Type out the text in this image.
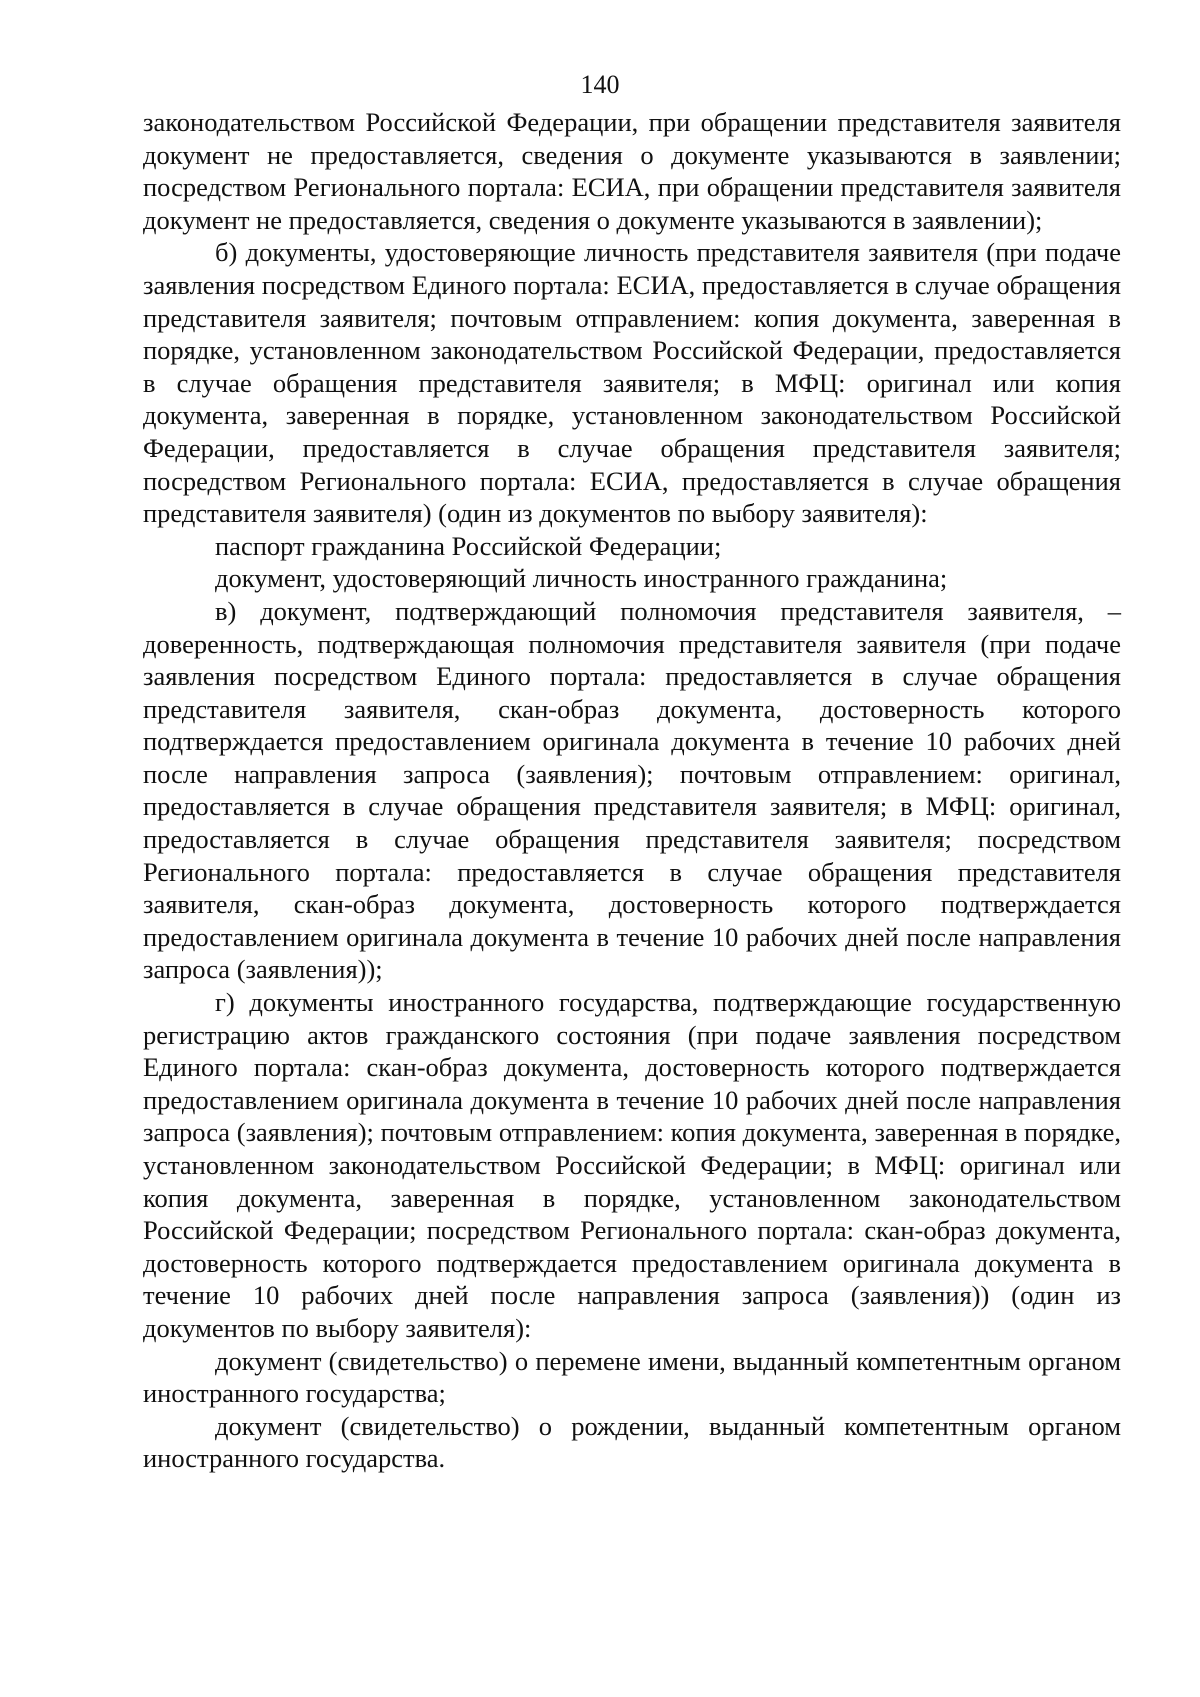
140

законодательством Российской Федерации, при обращении представителя заявителя документ не предоставляется, сведения о документе указываются в заявлении; посредством Регионального портала: ЕСИА, при обращении представителя заявителя документ не предоставляется, сведения о документе указываются в заявлении);

б) документы, удостоверяющие личность представителя заявителя (при подаче заявления посредством Единого портала: ЕСИА, предоставляется в случае обращения представителя заявителя; почтовым отправлением: копия документа, заверенная в порядке, установленном законодательством Российской Федерации, предоставляется в случае обращения представителя заявителя; в МФЦ: оригинал или копия документа, заверенная в порядке, установленном законодательством Российской Федерации, предоставляется в случае обращения представителя заявителя; посредством Регионального портала: ЕСИА, предоставляется в случае обращения представителя заявителя) (один из документов по выбору заявителя):

паспорт гражданина Российской Федерации;

документ, удостоверяющий личность иностранного гражданина;

в) документ, подтверждающий полномочия представителя заявителя, – доверенность, подтверждающая полномочия представителя заявителя (при подаче заявления посредством Единого портала: предоставляется в случае обращения представителя заявителя, скан-образ документа, достоверность которого подтверждается предоставлением оригинала документа в течение 10 рабочих дней после направления запроса (заявления); почтовым отправлением: оригинал, предоставляется в случае обращения представителя заявителя; в МФЦ: оригинал, предоставляется в случае обращения представителя заявителя; посредством Регионального портала: предоставляется в случае обращения представителя заявителя, скан-образ документа, достоверность которого подтверждается предоставлением оригинала документа в течение 10 рабочих дней после направления запроса (заявления));

г) документы иностранного государства, подтверждающие государственную регистрацию актов гражданского состояния (при подаче заявления посредством Единого портала: скан-образ документа, достоверность которого подтверждается предоставлением оригинала документа в течение 10 рабочих дней после направления запроса (заявления); почтовым отправлением: копия документа, заверенная в порядке, установленном законодательством Российской Федерации; в МФЦ: оригинал или копия документа, заверенная в порядке, установленном законодательством Российской Федерации; посредством Регионального портала: скан-образ документа, достоверность которого подтверждается предоставлением оригинала документа в течение 10 рабочих дней после направления запроса (заявления)) (один из документов по выбору заявителя):

документ (свидетельство) о перемене имени, выданный компетентным органом иностранного государства;

документ (свидетельство) о рождении, выданный компетентным органом иностранного государства.
